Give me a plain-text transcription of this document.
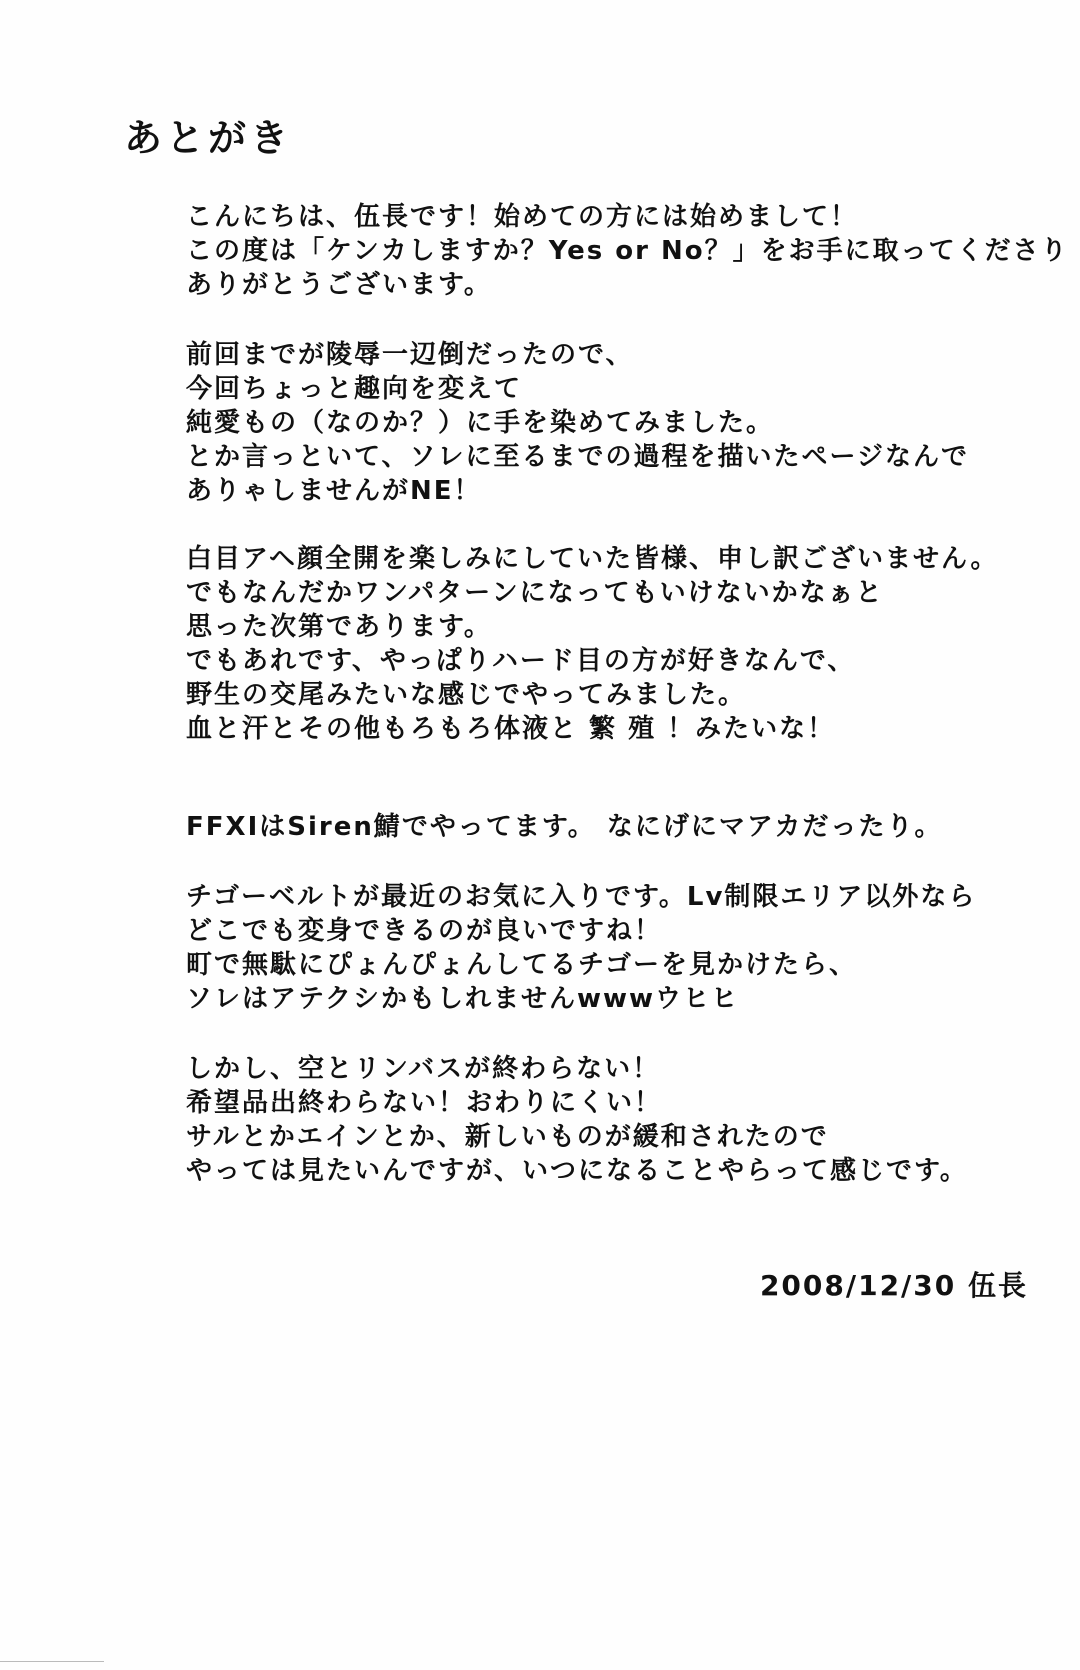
あとがき
こんにちは、伍長です！始めての方には始めまして！
この度は「ケンカしますか？Yes or No？」をお手に取ってくださり
ありがとうございます。
前回までが陵辱一辺倒だったので、
今回ちょっと趣向を変えて
純愛もの（なのか？）に手を染めてみました。
とか言っといて、ソレに至るまでの過程を描いたページなんで
ありゃしませんがNE！
白目アヘ顔全開を楽しみにしていた皆様、申し訳ございません。
でもなんだかワンパターンになってもいけないかなぁと
思った次第であります。
でもあれです、やっぱりハード目の方が好きなんで、
野生の交尾みたいな感じでやってみました。
血と汗とその他もろもろ体液と 繁 殖 ！みたいな！
FFXIはSiren鯖でやってます。 なにげにマアカだったり。
チゴーベルトが最近のお気に入りです。Lv制限エリア以外なら
どこでも変身できるのが良いですね！
町で無駄にぴょんぴょんしてるチゴーを見かけたら、
ソレはアテクシかもしれませんwwwウヒヒ
しかし、空とリンバスが終わらない！
希望品出終わらない！おわりにくい！
サルとかエインとか、新しいものが緩和されたので
やっては見たいんですが、いつになることやらって感じです。
2008/12/30 伍長
